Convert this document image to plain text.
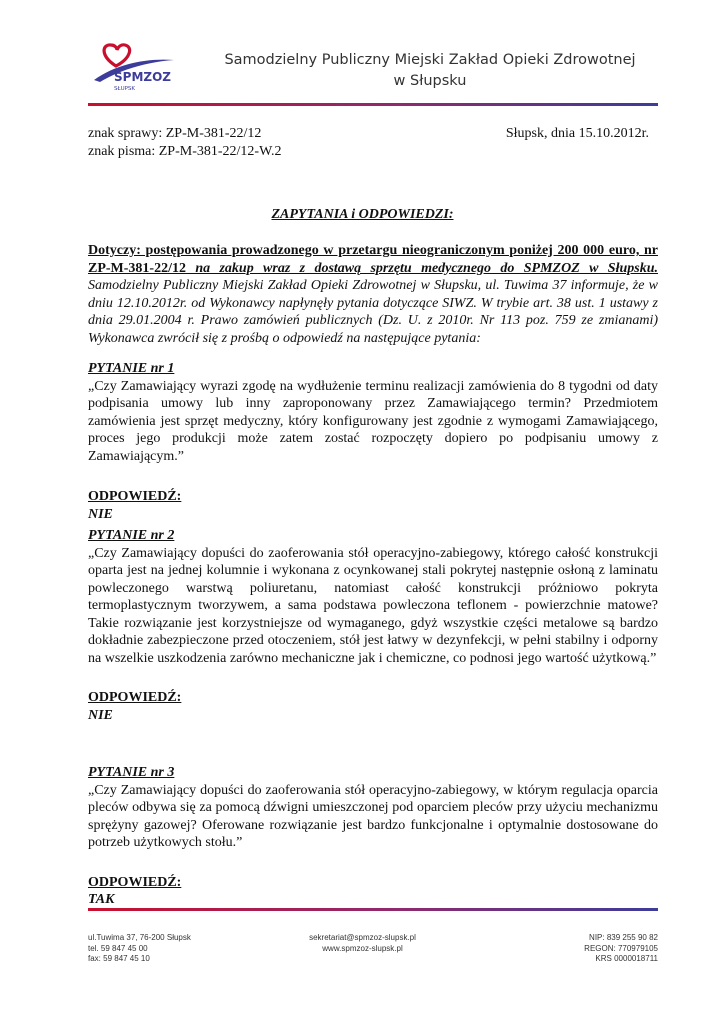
SPMZOZ
SŁUPSK
Samodzielny Publiczny Miejski Zakład Opieki Zdrowotnej
w Słupsku
znak sprawy: ZP-M-381-22/12
znak pisma: ZP-M-381-22/12-W.2
Słupsk, dnia 15.10.2012r.
ZAPYTANIA i ODPOWIEDZI:

Dotyczy: postępowania prowadzonego w przetargu nieograniczonym poniżej 200 000 euro, nr ZP-M-381-22/12 na zakup wraz z dostawą sprzętu medycznego do SPMZOZ w Słupsku. Samodzielny Publiczny Miejski Zakład Opieki Zdrowotnej w Słupsku, ul. Tuwima 37 informuje, że w dniu 12.10.2012r. od Wykonawcy napłynęły pytania dotyczące SIWZ. W trybie art. 38 ust. 1 ustawy z dnia 29.01.2004 r. Prawo zamówień publicznych (Dz. U. z 2010r. Nr 113 poz. 759 ze zmianami) Wykonawca zwrócił się z prośbą o odpowiedź na następujące pytania:

PYTANIE nr 1
„Czy Zamawiający wyrazi zgodę na wydłużenie terminu realizacji zamówienia do 8 tygodni od daty podpisania umowy lub inny zaproponowany przez Zamawiającego termin? Przedmiotem zamówienia jest sprzęt medyczny, który konfigurowany jest zgodnie z wymogami Zamawiającego, proces jego produkcji może zatem zostać rozpoczęty dopiero po podpisaniu umowy z Zamawiającym.”
ODPOWIEDŹ:
NIE
PYTANIE nr 2
„Czy Zamawiający dopuści do zaoferowania stół operacyjno-zabiegowy, którego całość konstrukcji oparta jest na jednej kolumnie i wykonana z ocynkowanej stali pokrytej następnie osłoną z laminatu powleczonego warstwą poliuretanu, natomiast całość konstrukcji próżniowo pokryta termoplastycznym tworzywem, a sama podstawa powleczona teflonem - powierzchnie matowe? Takie rozwiązanie jest korzystniejsze od wymaganego, gdyż wszystkie części metalowe są bardzo dokładnie zabezpieczone przed otoczeniem, stół jest łatwy w dezynfekcji, w pełni stabilny i odporny na wszelkie uszkodzenia zarówno mechaniczne jak i chemiczne, co podnosi jego wartość użytkową.”
ODPOWIEDŹ:
NIE
PYTANIE nr 3
„Czy Zamawiający dopuści do zaoferowania stół operacyjno-zabiegowy, w którym regulacja oparcia pleców odbywa się za pomocą dźwigni umieszczonej pod oparciem pleców przy użyciu mechanizmu sprężyny gazowej? Oferowane rozwiązanie jest bardzo funkcjonalne i optymalnie dostosowane do potrzeb użytkowych stołu.”
ODPOWIEDŹ:
TAK
ul.Tuwima 37, 76-200 Słupsk
tel. 59 847 45 00
fax: 59 847 45 10
sekretariat@spmzoz-slupsk.pl
www.spmzoz-slupsk.pl
NIP: 839 255 90 82
REGON: 770979105
KRS 0000018711
